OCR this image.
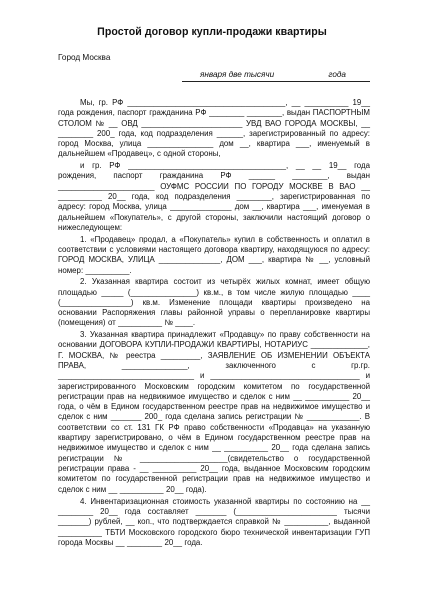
Простой договор купли-продажи квартиры
Город Москва
января две тысячи	года

Мы, гр. РФ ____________________________________, __ __________ 19__ года рождения, паспорт гражданина РФ ________ ________, выдан ПАСПОРТНЫМ СТОЛОМ № __ ОВД _______________________ УВД ВАО ГОРОДА МОСКВЫ, __ ________ 200_ года, код подразделения ______, зарегистрированный по адресу: город Москва, улица _______________ дом __, квартира ___, именуемый в дальнейшем «Продавец», с одной стороны,

и гр. РФ ____________________________________, __ __ 19__ года рождения, паспорт гражданина РФ ______ ________, выдан ______________________ ОУФМС РОССИИ ПО ГОРОДУ МОСКВЕ В ВАО __ __________ 20__ года, код подразделения ________, зарегистрированная по адресу: город Москва, улица ______________ дом __, квартира ___, именуемая в дальнейшем «Покупатель», с другой стороны, заключили настоящий договор о нижеследующем:

1. «Продавец» продал, а «Покупатель» купил в собственность и оплатил в соответствии с условиями настоящего договора квартиру, находящуюся по адресу: ГОРОД МОСКВА, УЛИЦА ______________, ДОМ ___, квартира № __, условный номер: __________.

2. Указанная квартира состоит из четырёх жилых комнат, имеет общую площадью _____ (_______________) кв.м., в том числе жилую площадью ____ (________________) кв.м. Изменение площади квартиры произведено на основании Распоряжения главы районной управы о перепланировке квартиры (помещения) от __________ № ____.

3. Указанная квартира принадлежит «Продавцу» по праву собственности на основании ДОГОВОРА КУПЛИ-ПРОДАЖИ КВАРТИРЫ, НОТАРИУС _____________, Г. МОСКВА, № реестра _________, ЗАЯВЛЕНИЕ ОБ ИЗМЕНЕНИИ ОБЪЕКТА ПРАВА, _______________, заключенного с гр.гр. _______________________________ и __________________________________ и зарегистрированного Московским городским комитетом по государственной регистрации прав на недвижимое имущество и сделок с ним __ __________ 20__ года, о чём в Едином государственном реестре прав на недвижимое имущество и сделок с ним _______ 200_ года сделана запись регистрации № ____________. В соответствии со ст. 131 ГК РФ право собственности «Продавца» на указанную квартиру зарегистрировано, о чём в Едином государственном реестре прав на недвижимое имущество и сделок с ним __ __________ 20__ года сделана запись регистрации № ____________________(свидетельство о государственной регистрации права - __ __________ 20__ года, выданное Московским городским комитетом по государственной регистрации прав на недвижимое имущество и сделок с ним __ __________ 20__ года).

4. Инвентаризационная стоимость указанной квартиры по состоянию на __ ________ 20__ года составляет _______ (_______________________ тысячи _______) рублей, __ коп., что подтверждается справкой № __________, выданной __________ ТБТИ Московского городского бюро технической инвентаризации ГУП города Москвы __ ________ 20__ года.
